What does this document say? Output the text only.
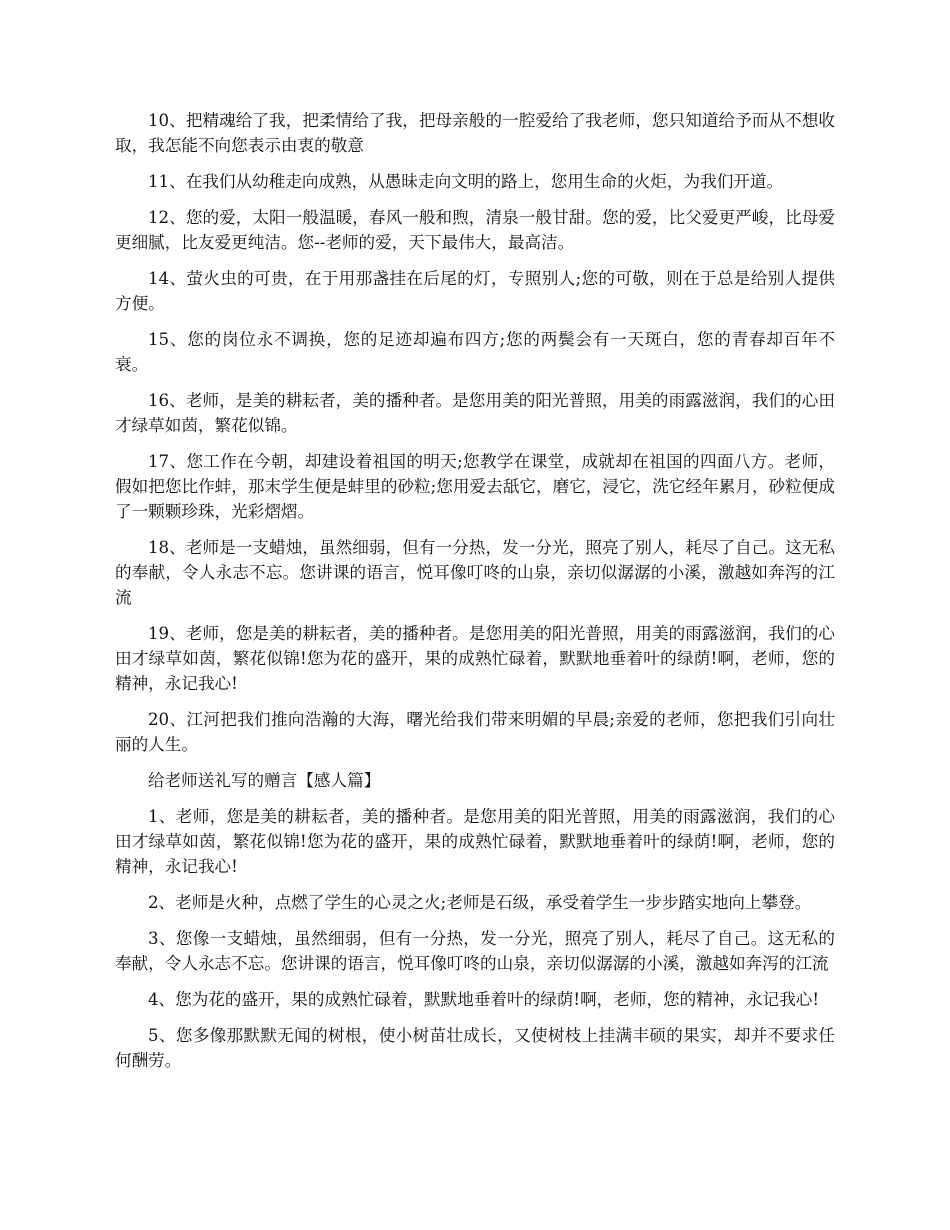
10、把精魂给了我，把柔情给了我，把母亲般的一腔爱给了我老师，您只知道给予而从不想收取，我怎能不向您表示由衷的敬意

11、在我们从幼稚走向成熟，从愚昧走向文明的路上，您用生命的火炬，为我们开道。

12、您的爱，太阳一般温暖，春风一般和煦，清泉一般甘甜。您的爱，比父爱更严峻，比母爱更细腻，比友爱更纯洁。您--老师的爱，天下最伟大，最高洁。

14、萤火虫的可贵，在于用那盏挂在后尾的灯，专照别人;您的可敬，则在于总是给别人提供方便。

15、您的岗位永不调换，您的足迹却遍布四方;您的两鬓会有一天斑白，您的青春却百年不衰。

16、老师，是美的耕耘者，美的播种者。是您用美的阳光普照，用美的雨露滋润，我们的心田才绿草如茵，繁花似锦。

17、您工作在今朝，却建设着祖国的明天;您教学在课堂，成就却在祖国的四面八方。老师，假如把您比作蚌，那末学生便是蚌里的砂粒;您用爱去舐它，磨它，浸它，洗它经年累月，砂粒便成了一颗颗珍珠，光彩熠熠。

18、老师是一支蜡烛，虽然细弱，但有一分热，发一分光，照亮了别人，耗尽了自己。这无私的奉献，令人永志不忘。您讲课的语言，悦耳像叮咚的山泉，亲切似潺潺的小溪，激越如奔泻的江流

19、老师，您是美的耕耘者，美的播种者。是您用美的阳光普照，用美的雨露滋润，我们的心田才绿草如茵，繁花似锦!您为花的盛开，果的成熟忙碌着，默默地垂着叶的绿荫!啊，老师，您的精神，永记我心!

20、江河把我们推向浩瀚的大海，曙光给我们带来明媚的早晨;亲爱的老师，您把我们引向壮丽的人生。

给老师送礼写的赠言【感人篇】

1、老师，您是美的耕耘者，美的播种者。是您用美的阳光普照，用美的雨露滋润，我们的心田才绿草如茵，繁花似锦!您为花的盛开，果的成熟忙碌着，默默地垂着叶的绿荫!啊，老师，您的精神，永记我心!

2、老师是火种，点燃了学生的心灵之火;老师是石级，承受着学生一步步踏实地向上攀登。

3、您像一支蜡烛，虽然细弱，但有一分热，发一分光，照亮了别人，耗尽了自己。这无私的奉献，令人永志不忘。您讲课的语言，悦耳像叮咚的山泉，亲切似潺潺的小溪，激越如奔泻的江流

4、您为花的盛开，果的成熟忙碌着，默默地垂着叶的绿荫!啊，老师，您的精神，永记我心!

5、您多像那默默无闻的树根，使小树苗壮成长，又使树枝上挂满丰硕的果实，却并不要求任何酬劳。
